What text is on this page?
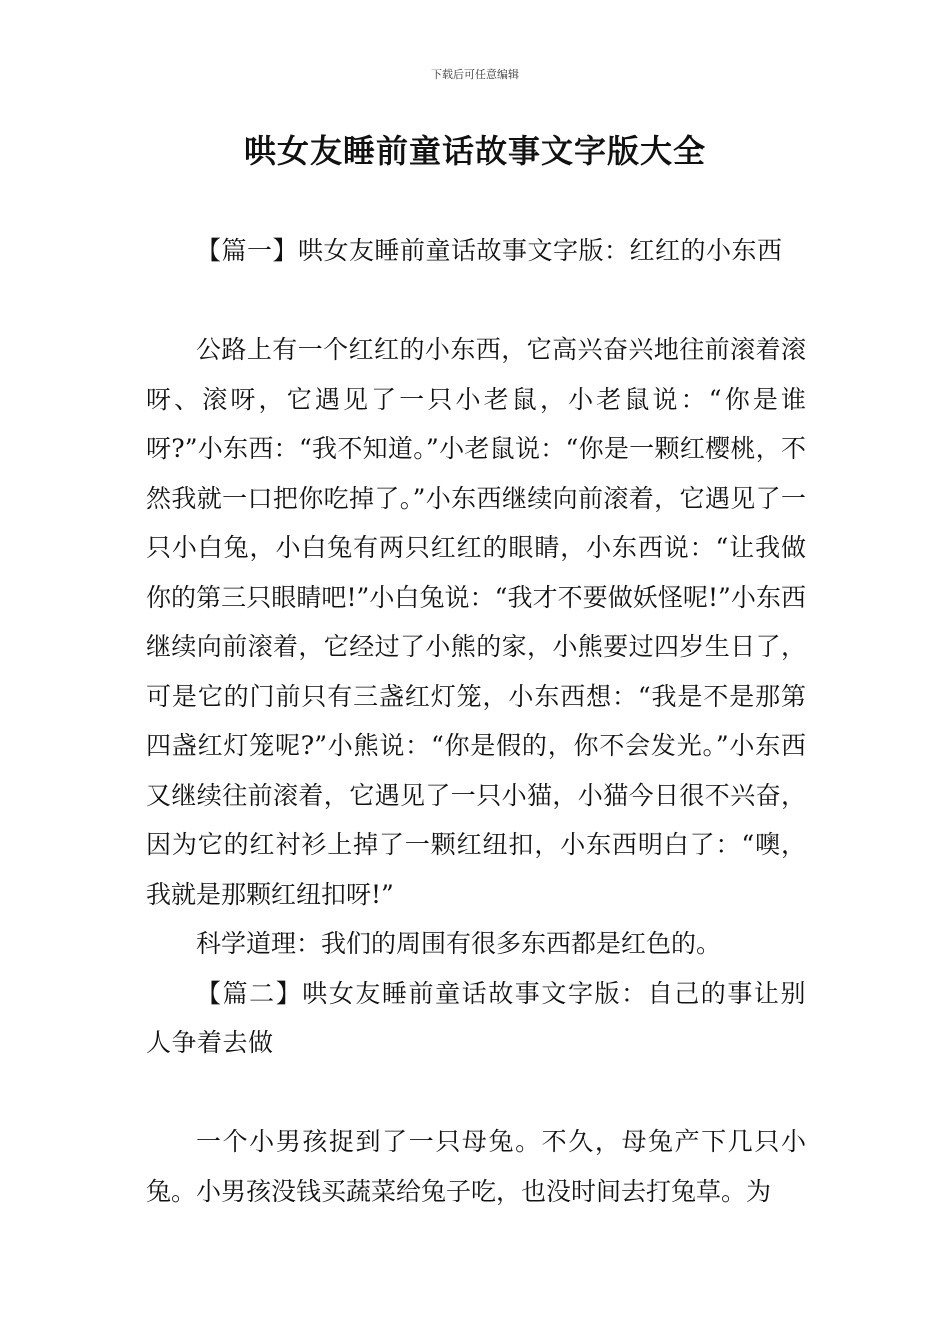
下载后可任意编辑
哄女友睡前童话故事文字版大全

【篇一】哄女友睡前童话故事文字版：红红的小东西

公路上有一个红红的小东西，它高兴奋兴地往前滚着滚呀、滚呀，它遇见了一只小老鼠，小老鼠说：“你是谁呀?”小东西：“我不知道。”小老鼠说：“你是一颗红樱桃，不然我就一口把你吃掉了。”小东西继续向前滚着，它遇见了一只小白兔，小白兔有两只红红的眼睛，小东西说：“让我做你的第三只眼睛吧!”小白兔说：“我才不要做妖怪呢!”小东西继续向前滚着，它经过了小熊的家，小熊要过四岁生日了，可是它的门前只有三盏红灯笼，小东西想：“我是不是那第四盏红灯笼呢?”小熊说：“你是假的，你不会发光。”小东西又继续往前滚着，它遇见了一只小猫，小猫今日很不兴奋，因为它的红衬衫上掉了一颗红纽扣，小东西明白了：“噢，我就是那颗红纽扣呀!”

科学道理：我们的周围有很多东西都是红色的。

【篇二】哄女友睡前童话故事文字版：自己的事让别人争着去做

一个小男孩捉到了一只母兔。不久，母兔产下几只小兔。小男孩没钱买蔬菜给兔子吃，也没时间去打兔草。为
